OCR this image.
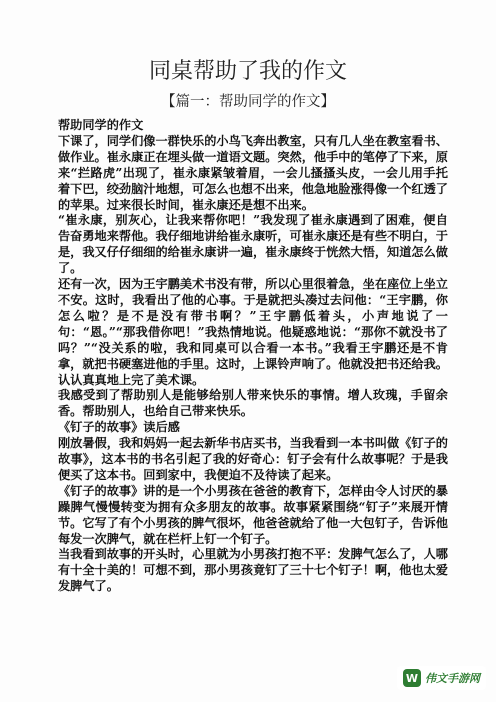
同桌帮助了我的作文
【篇一：帮助同学的作文】

帮助同学的作文

下课了，同学们像一群快乐的小鸟飞奔出教室，只有几人坐在教室看书、做作业。崔永康正在埋头做一道语文题。突然，他手中的笔停了下来，原来“拦路虎”出现了，崔永康紧皱着眉，一会儿搔搔头皮，一会儿用手托着下巴，绞劲脑汁地想，可怎么也想不出来，他急地脸涨得像一个红透了的苹果。过来很长时间，崔永康还是想不出来。

“崔永康，别灰心，让我来帮你吧！”我发现了崔永康遇到了困难，便自告奋勇地来帮他。我仔细地讲给崔永康听，可崔永康还是有些不明白，于是，我又仔仔细细的给崔永康讲一遍，崔永康终于恍然大悟，知道怎么做了。

还有一次，因为王宇鹏美术书没有带，所以心里很着急，坐在座位上坐立不安。这时，我看出了他的心事。于是就把头凑过去问他：“王宇鹏，你怎么啦？是不是没有带书啊？”王宇鹏低着头，小声地说了一句：“恩。”“那我借你吧！”我热情地说。他疑惑地说：“那你不就没书了吗？”“没关系的啦，我和同桌可以合看一本书。”我看王宇鹏还是不肯拿，就把书硬塞进他的手里。这时，上课铃声响了。他就没把书还给我。认认真真地上完了美术课。

我感受到了帮助别人是能够给别人带来快乐的事情。增人玫瑰，手留余香。帮助别人，也给自己带来快乐。

《钉子的故事》读后感

刚放暑假，我和妈妈一起去新华书店买书，当我看到一本书叫做《钉子的故事》，这本书的书名引起了我的好奇心：钉子会有什么故事呢？于是我便买了这本书。回到家中，我便迫不及待读了起来。

《钉子的故事》讲的是一个小男孩在爸爸的教育下，怎样由令人讨厌的暴躁脾气慢慢转变为拥有众多朋友的故事。故事紧紧围绕“钉子”来展开情节。它写了有个小男孩的脾气很坏，他爸爸就给了他一大包钉子，告诉他每发一次脾气，就在栏杆上钉一个钉子。

当我看到故事的开头时，心里就为小男孩打抱不平：发脾气怎么了，人哪有十全十美的！可想不到，那小男孩竟钉了三十七个钉子！啊，他也太爱发脾气了。

W 伟文手游网
